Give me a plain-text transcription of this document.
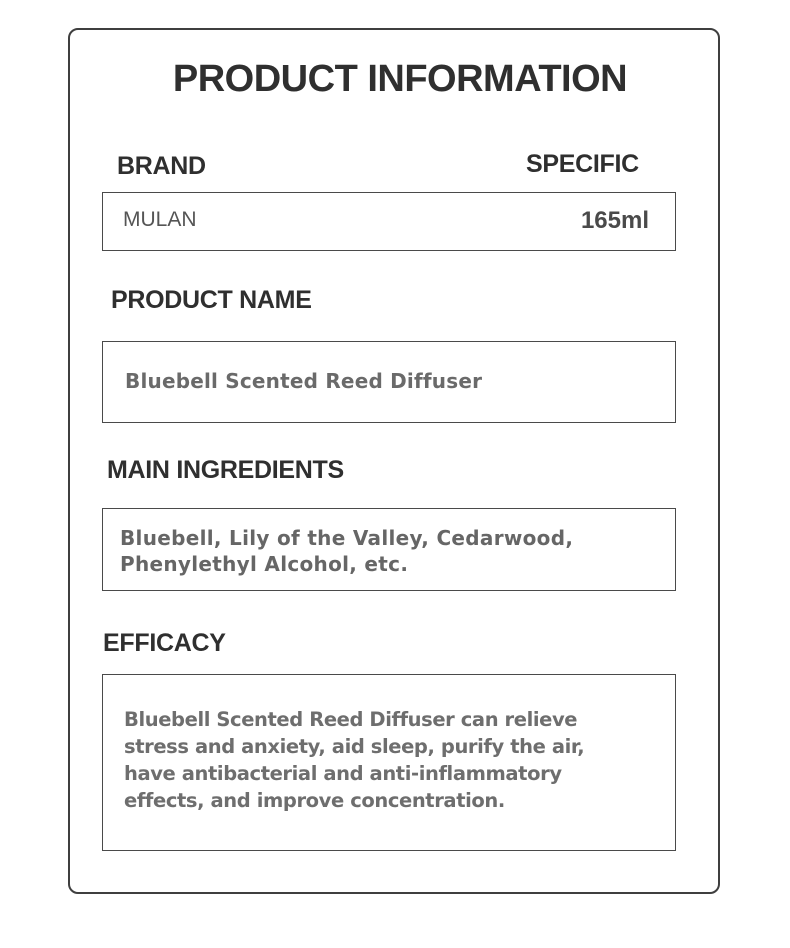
PRODUCT INFORMATION
BRAND	SPECIFIC
MULAN	165ml
PRODUCT NAME
Bluebell Scented Reed Diffuser
MAIN INGREDIENTS
Bluebell, Lily of the Valley, Cedarwood,
Phenylethyl Alcohol, etc.
EFFICACY
Bluebell Scented Reed Diffuser can relieve
stress and anxiety, aid sleep, purify the air,
have antibacterial and anti-inflammatory
effects, and improve concentration.
